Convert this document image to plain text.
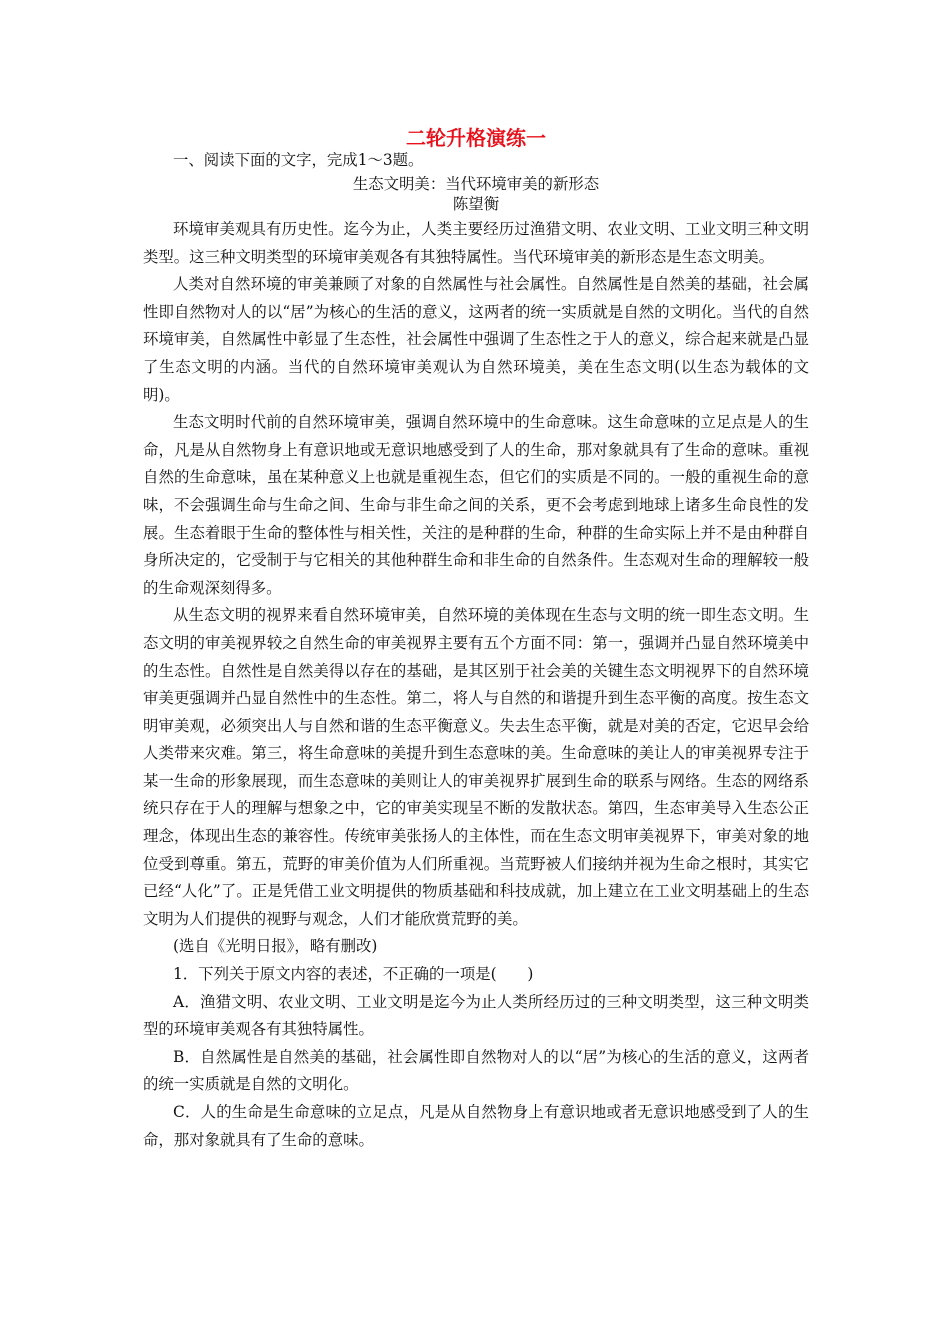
二轮升格演练一

一、阅读下面的文字，完成1～3题。

生态文明美：当代环境审美的新形态

陈望衡

环境审美观具有历史性。迄今为止，人类主要经历过渔猎文明、农业文明、工业文明三种文明类型。这三种文明类型的环境审美观各有其独特属性。当代环境审美的新形态是生态文明美。

人类对自然环境的审美兼顾了对象的自然属性与社会属性。自然属性是自然美的基础，社会属性即自然物对人的以“居”为核心的生活的意义，这两者的统一实质就是自然的文明化。当代的自然环境审美，自然属性中彰显了生态性，社会属性中强调了生态性之于人的意义，综合起来就是凸显了生态文明的内涵。当代的自然环境审美观认为自然环境美，美在生态文明(以生态为载体的文明)。

生态文明时代前的自然环境审美，强调自然环境中的生命意味。这生命意味的立足点是人的生命，凡是从自然物身上有意识地或无意识地感受到了人的生命，那对象就具有了生命的意味。重视自然的生命意味，虽在某种意义上也就是重视生态，但它们的实质是不同的。一般的重视生命的意味，不会强调生命与生命之间、生命与非生命之间的关系，更不会考虑到地球上诸多生命良性的发展。生态着眼于生命的整体性与相关性，关注的是种群的生命，种群的生命实际上并不是由种群自身所决定的，它受制于与它相关的其他种群生命和非生命的自然条件。生态观对生命的理解较一般的生命观深刻得多。

从生态文明的视界来看自然环境审美，自然环境的美体现在生态与文明的统一即生态文明。生态文明的审美视界较之自然生命的审美视界主要有五个方面不同：第一，强调并凸显自然环境美中的生态性。自然性是自然美得以存在的基础，是其区别于社会美的关键生态文明视界下的自然环境审美更强调并凸显自然性中的生态性。第二，将人与自然的和谐提升到生态平衡的高度。按生态文明审美观，必须突出人与自然和谐的生态平衡意义。失去生态平衡，就是对美的否定，它迟早会给人类带来灾难。第三，将生命意味的美提升到生态意味的美。生命意味的美让人的审美视界专注于某一生命的形象展现，而生态意味的美则让人的审美视界扩展到生命的联系与网络。生态的网络系统只存在于人的理解与想象之中，它的审美实现呈不断的发散状态。第四，生态审美导入生态公正理念，体现出生态的兼容性。传统审美张扬人的主体性，而在生态文明审美视界下，审美对象的地位受到尊重。第五，荒野的审美价值为人们所重视。当荒野被人们接纳并视为生命之根时，其实它已经“人化”了。正是凭借工业文明提供的物质基础和科技成就，加上建立在工业文明基础上的生态文明为人们提供的视野与观念，人们才能欣赏荒野的美。

(选自《光明日报》，略有删改)

1．下列关于原文内容的表述，不正确的一项是(　　)

A．渔猎文明、农业文明、工业文明是迄今为止人类所经历过的三种文明类型，这三种文明类型的环境审美观各有其独特属性。

B．自然属性是自然美的基础，社会属性即自然物对人的以“居”为核心的生活的意义，这两者的统一实质就是自然的文明化。

C．人的生命是生命意味的立足点，凡是从自然物身上有意识地或者无意识地感受到了人的生命，那对象就具有了生命的意味。
